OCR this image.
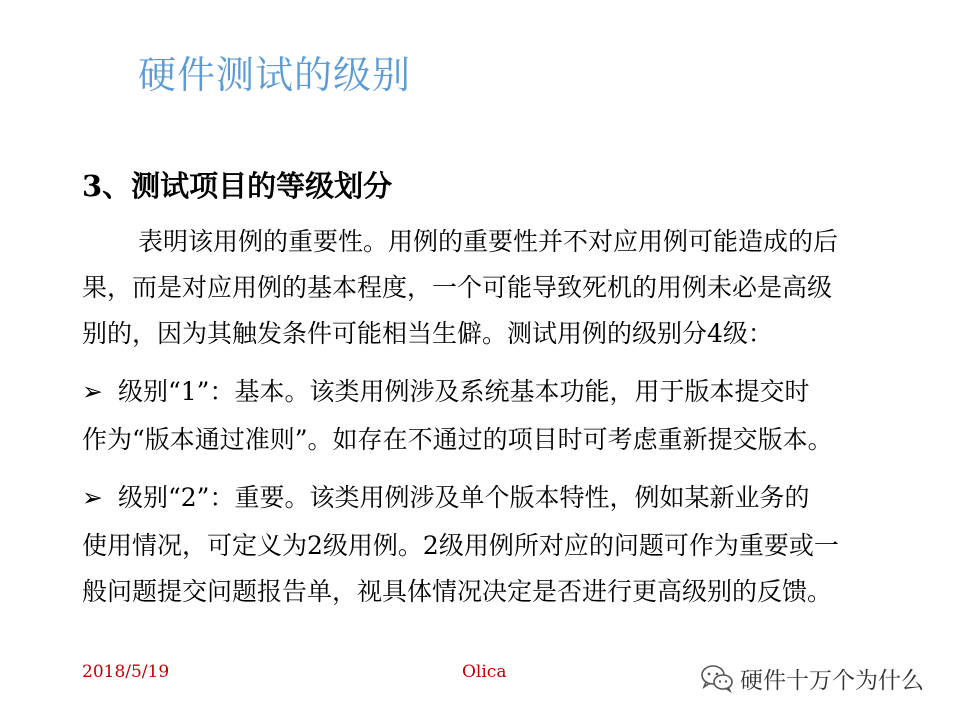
硬件测试的级别
3、测试项目的等级划分
表明该用例的重要性。用例的重要性并不对应用例可能造成的后
果，而是对应用例的基本程度，一个可能导致死机的用例未必是高级
别的，因为其触发条件可能相当生僻。测试用例的级别分4级：
➢ 级别“1”：基本。该类用例涉及系统基本功能，用于版本提交时
作为“版本通过准则”。如存在不通过的项目时可考虑重新提交版本。
➢ 级别“2”：重要。该类用例涉及单个版本特性，例如某新业务的
使用情况，可定义为2级用例。2级用例所对应的问题可作为重要或一
般问题提交问题报告单，视具体情况决定是否进行更高级别的反馈。
2018/5/19	Olica	硬件十万个为什么
